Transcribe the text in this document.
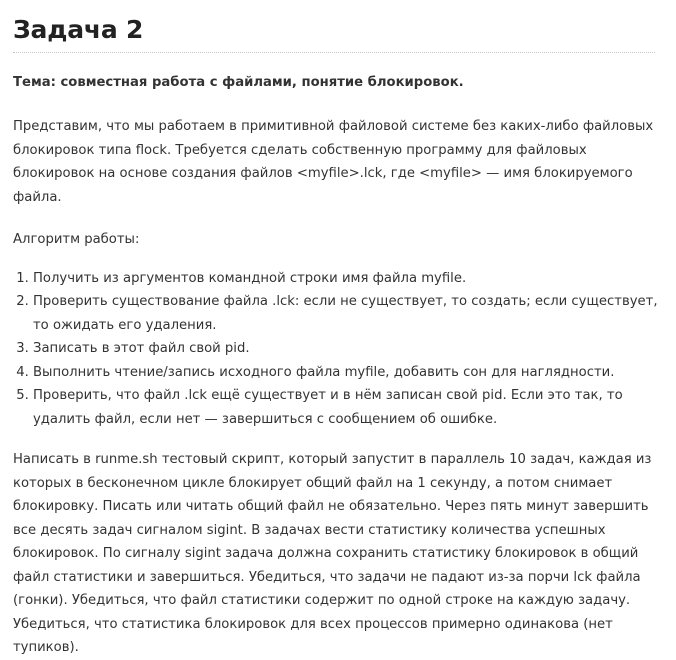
Задача 2
Тема: совместная работа с файлами, понятие блокировок.

Представим, что мы работаем в примитивной файловой системе без каких-либо файловых блокировок типа flock. Требуется сделать собственную программу для файловых блокировок на основе создания файлов <myfile>.lck, где <myfile> — имя блокируемого файла.

Алгоритм работы:

1. Получить из аргументов командной строки имя файла myfile.
2. Проверить существование файла .lck: если не существует, то создать; если существует, то ожидать его удаления.
3. Записать в этот файл свой pid.
4. Выполнить чтение/запись исходного файла myfile, добавить сон для наглядности.
5. Проверить, что файл .lck ещё существует и в нём записан свой pid. Если это так, то удалить файл, если нет — завершиться с сообщением об ошибке.

Написать в runme.sh тестовый скрипт, который запустит в параллель 10 задач, каждая из которых в бесконечном цикле блокирует общий файл на 1 секунду, а потом снимает блокировку. Писать или читать общий файл не обязательно. Через пять минут завершить все десять задач сигналом sigint. В задачах вести статистику количества успешных блокировок. По сигналу sigint задача должна сохранить статистику блокировок в общий файл статистики и завершиться. Убедиться, что задачи не падают из-за порчи lck файла (гонки). Убедиться, что файл статистики содержит по одной строке на каждую задачу. Убедиться, что статистика блокировок для всех процессов примерно одинакова (нет тупиков).
